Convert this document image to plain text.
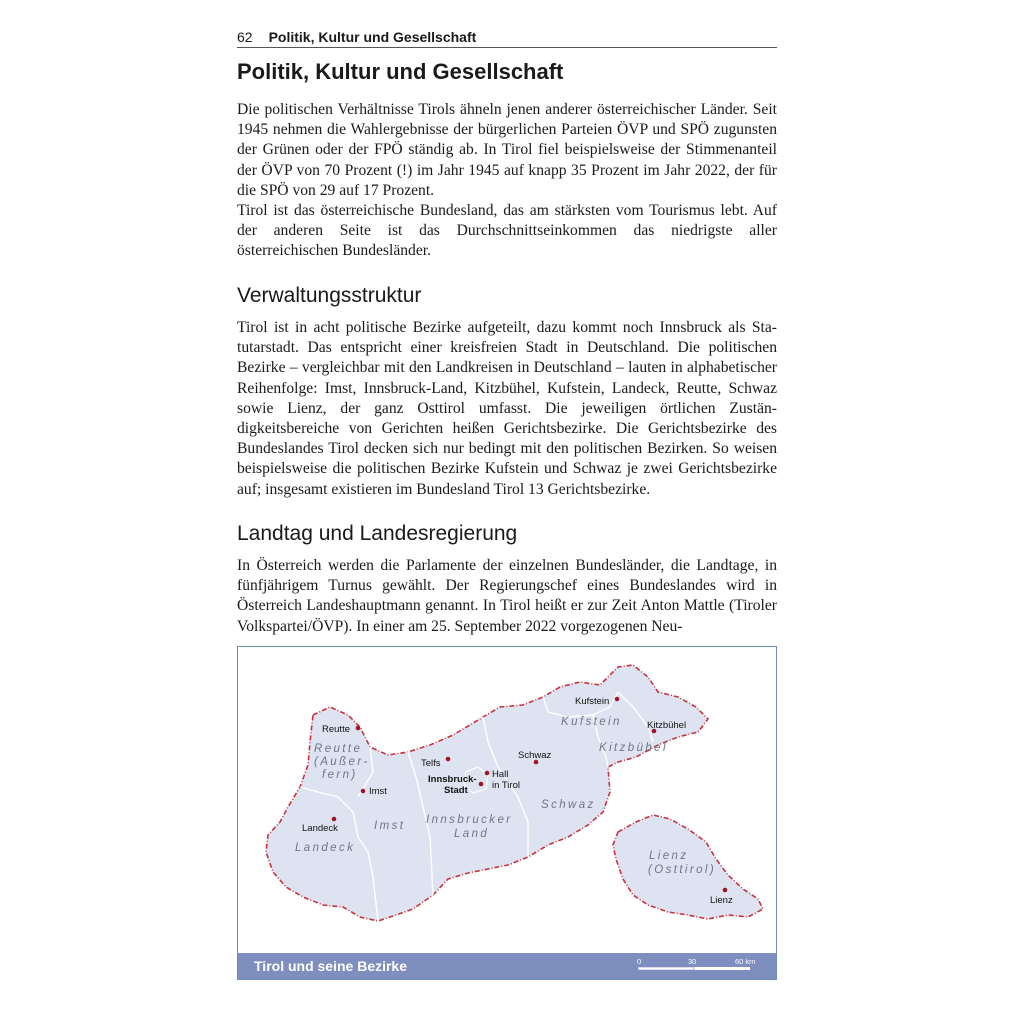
62 Politik, Kultur und Gesellschaft
Politik, Kultur und Gesellschaft

Die politischen Verhältnisse Tirols ähneln jenen anderer österreichischer Länder. Seit 1945 nehmen die Wahlergebnisse der bürgerlichen Parteien ÖVP und SPÖ zugunsten der Grünen oder der FPÖ ständig ab. In Tirol fiel beispielsweise der Stimmenanteil der ÖVP von 70 Prozent (!) im Jahr 1945 auf knapp 35 Prozent im Jahr 2022, der für die SPÖ von 29 auf 17 Prozent.

Tirol ist das österreichische Bundesland, das am stärksten vom Tourismus lebt. Auf der anderen Seite ist das Durchschnittseinkommen das niedrigste aller österreichischen Bundesländer.

Verwaltungsstruktur

Tirol ist in acht politische Bezirke aufgeteilt, dazu kommt noch Innsbruck als Statutarstadt. Das entspricht einer kreisfreien Stadt in Deutschland. Die politischen Bezirke – vergleichbar mit den Landkreisen in Deutschland – lauten in alphabetischer Reihenfolge: Imst, Innsbruck-Land, Kitzbühel, Kufstein, Landeck, Reutte, Schwaz sowie Lienz, der ganz Osttirol umfasst. Die jeweiligen örtlichen Zuständigkeitsbereiche von Gerichten heißen Gerichtsbezirke. Die Gerichtsbezirke des Bundeslandes Tirol decken sich nur bedingt mit den politischen Bezirken. So weisen beispielsweise die politischen Bezirke Kufstein und Schwaz je zwei Gerichtsbezirke auf; insgesamt existieren im Bundesland Tirol 13 Gerichtsbezirke.

Landtag und Landesregierung

In Österreich werden die Parlamente der einzelnen Bundesländer, die Landtage, in fünfjährigem Turnus gewählt. Der Regierungschef eines Bundeslandes wird in Österreich Landeshauptmann genannt. In Tirol heißt er zur Zeit Anton Mattle (Tiroler Volkspartei/ÖVP). In einer am 25. September 2022 vorgezogenen Neu-

Reutte
Imst
Landeck
Telfs
Innsbruck-
Stadt
Hall
in Tirol
Schwaz
Kufstein
Kitzbühel
Lienz
Reutte
(Außer-
fern)
Imst
Landeck
Innsbrucker
Land
Schwaz
Kufstein
Kitzbühel
Lienz
(Osttirol)
Tirol und seine Bezirke	0	30	60 km
